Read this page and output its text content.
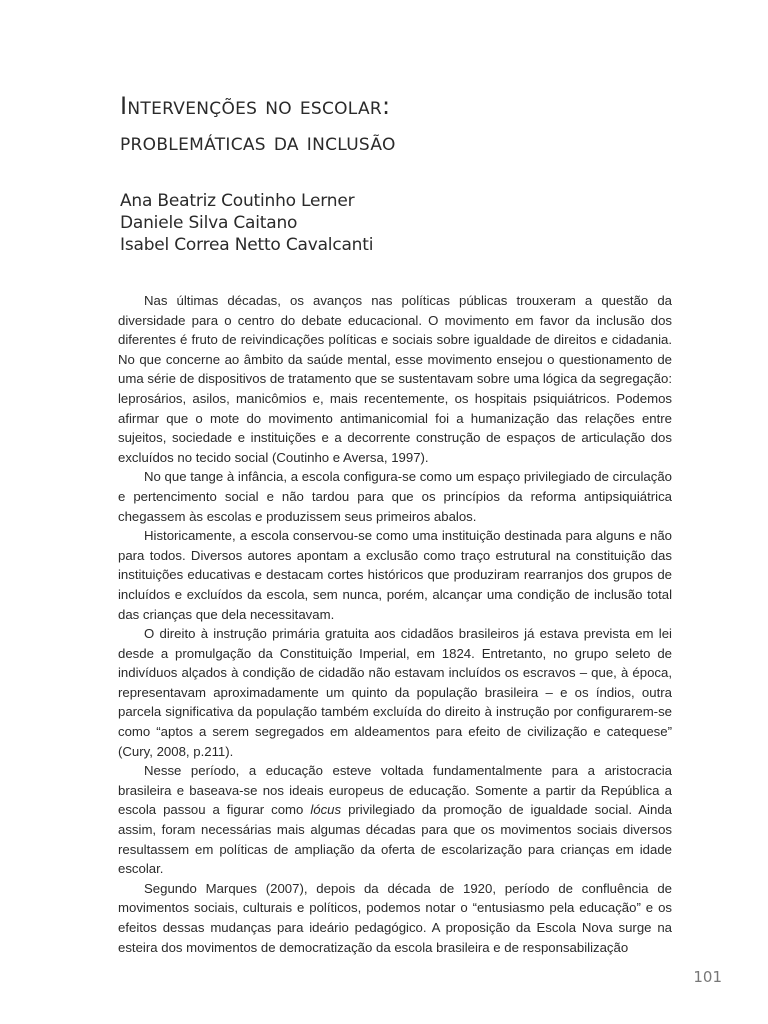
Intervenções no escolar:
problemáticas da inclusão
Ana Beatriz Coutinho Lerner
Daniele Silva Caitano
Isabel Correa Netto Cavalcanti

Nas últimas décadas, os avanços nas políticas públicas trouxeram a questão da diversidade para o centro do debate educacional. O movimento em favor da inclusão dos diferentes é fruto de reivindicações políticas e sociais sobre igualdade de direitos e cidadania. No que concerne ao âmbito da saúde mental, esse movimento ensejou o questionamento de uma série de dispositivos de tratamento que se sustentavam sobre uma lógica da segregação: leprosários, asilos, manicômios e, mais recentemente, os hospitais psiquiátricos. Podemos afirmar que o mote do movimento antimanicomial foi a humanização das relações entre sujeitos, sociedade e instituições e a decorrente construção de espaços de articulação dos excluídos no tecido social (Coutinho e Aversa, 1997).

No que tange à infância, a escola configura-se como um espaço privilegiado de circulação e pertencimento social e não tardou para que os princípios da reforma antipsiquiátrica chegassem às escolas e produzissem seus primeiros abalos.

Historicamente, a escola conservou-se como uma instituição destinada para alguns e não para todos. Diversos autores apontam a exclusão como traço estrutural na constituição das instituições educativas e destacam cortes históricos que produziram rearranjos dos grupos de incluídos e excluídos da escola, sem nunca, porém, alcançar uma condição de inclusão total das crianças que dela necessitavam.

O direito à instrução primária gratuita aos cidadãos brasileiros já estava prevista em lei desde a promulgação da Constituição Imperial, em 1824. Entretanto, no grupo seleto de indivíduos alçados à condição de cidadão não estavam incluídos os escravos – que, à época, representavam aproximadamente um quinto da população brasileira – e os índios, outra parcela significativa da população também excluída do direito à instrução por configurarem-se como “aptos a serem segregados em aldeamentos para efeito de civilização e catequese” (Cury, 2008, p.211).

Nesse período, a educação esteve voltada fundamentalmente para a aristocracia brasileira e baseava-se nos ideais europeus de educação. Somente a partir da República a escola passou a figurar como lócus privilegiado da promoção de igualdade social. Ainda assim, foram necessárias mais algumas décadas para que os movimentos sociais diversos resultassem em políticas de ampliação da oferta de escolarização para crianças em idade escolar.

Segundo Marques (2007), depois da década de 1920, período de confluência de movimentos sociais, culturais e políticos, podemos notar o “entusiasmo pela educação” e os efeitos dessas mudanças para ideário pedagógico. A proposição da Escola Nova surge na esteira dos movimentos de democratização da escola brasileira e de responsabilização

101
